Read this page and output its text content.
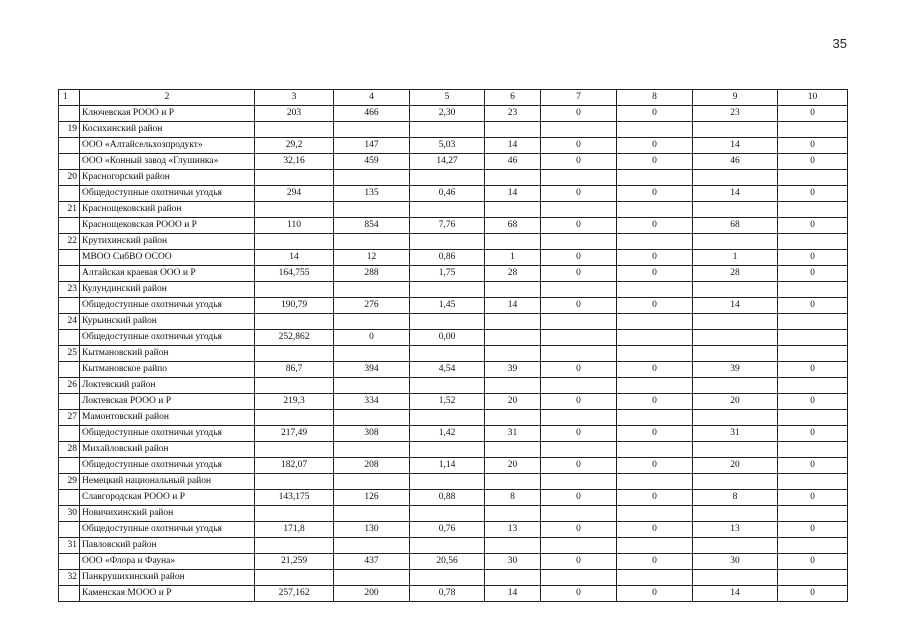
35
1	2	3	4	5	6	7	8	9	10
	Ключевская РООО и Р	203	466	2,30	23	0	0	23	0
19	Косихинский район								
	ООО «Алтайсельхозпродукт»	29,2	147	5,03	14	0	0	14	0
	ООО «Конный завод «Глушинка»	32,16	459	14,27	46	0	0	46	0
20	Красногорский район								
	Общедоступные охотничьи угодья	294	135	0,46	14	0	0	14	0
21	Краснощековский район								
	Краснощековская РООО и Р	110	854	7,76	68	0	0	68	0
22	Крутихинский район								
	МВОО СибВО ОСОО	14	12	0,86	1	0	0	1	0
	Алтайская краевая ООО и Р	164,755	288	1,75	28	0	0	28	0
23	Кулундинский район								
	Общедоступные охотничьи угодья	190,79	276	1,45	14	0	0	14	0
24	Курьинский район								
	Общедоступные охотничьи угодья	252,862	0	0,00					
25	Кытмановский район								
	Кытмановское райпо	86,7	394	4,54	39	0	0	39	0
26	Локтевский район								
	Локтевская РООО и Р	219,3	334	1,52	20	0	0	20	0
27	Мамонтовский район								
	Общедоступные охотничьи угодья	217,49	308	1,42	31	0	0	31	0
28	Михайловский район								
	Общедоступные охотничьи угодья	182,07	208	1,14	20	0	0	20	0
29	Немецкий национальный район								
	Славгородская РООО и Р	143,175	126	0,88	8	0	0	8	0
30	Новичихинский район								
	Общедоступные охотничьи угодья	171,8	130	0,76	13	0	0	13	0
31	Павловский район								
	ООО «Флора и Фауна»	21,259	437	20,56	30	0	0	30	0
32	Панкрушихинский район								
	Каменская МООО и Р	257,162	200	0,78	14	0	0	14	0
